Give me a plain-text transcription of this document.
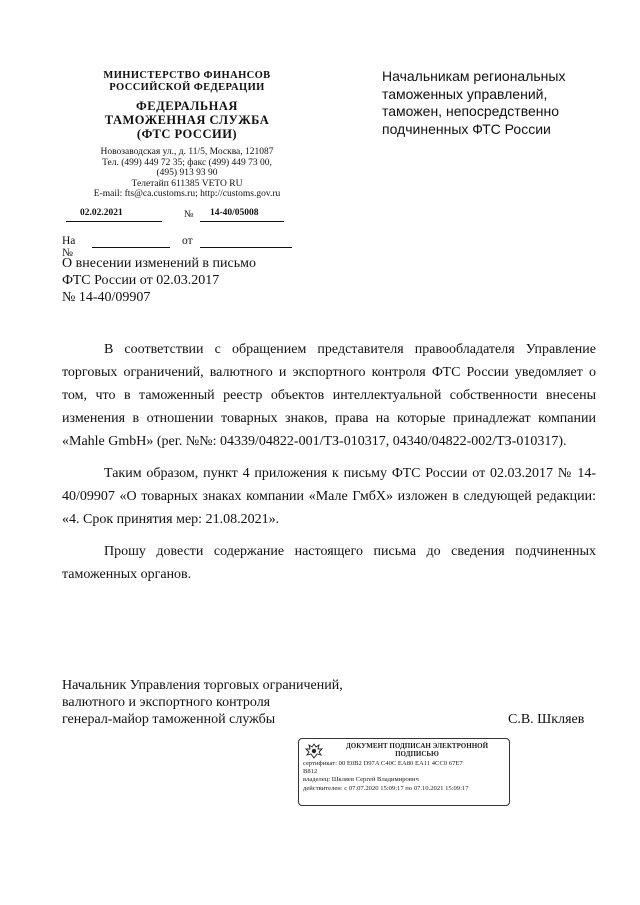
МИНИСТЕРСТВО ФИНАНСОВ
РОССИЙСКОЙ ФЕДЕРАЦИИ
ФЕДЕРАЛЬНАЯ
ТАМОЖЕННАЯ СЛУЖБА
(ФТС РОССИИ)
Новозаводская ул., д. 11/5, Москва, 121087
Тел. (499) 449 72 35; факс (499) 449 73 00,
(495) 913 93 90
Телетайп 611385 VETO RU
E-mail: fts@ca.customs.ru; http://customs.gov.ru
02.02.2021	№	14-40/05008
На №
от
О внесении изменений в письмо
ФТС России от 02.03.2017
№ 14-40/09907
Начальникам региональных
таможенных управлений,
таможен, непосредственно
подчиненных ФТС России

В соответствии с обращением представителя правообладателя Управление торговых ограничений, валютного и экспортного контроля ФТС России уведомляет о том, что в таможенный реестр объектов интеллектуальной собственности внесены изменения в отношении товарных знаков, права на которые принадлежат компании «Mahle GmbH» (рег. №№: 04339/04822-001/ТЗ-010317, 04340/04822-002/ТЗ-010317).

Таким образом, пункт 4 приложения к письму ФТС России от 02.03.2017 № 14-40/09907 «О товарных знаках компании «Мале ГмбХ» изложен в следующей редакции: «4. Срок принятия мер: 21.08.2021».

Прошу довести содержание настоящего письма до сведения подчиненных таможенных органов.

Начальник Управления торговых ограничений,
валютного и экспортного контроля
генерал-майор таможенной службы	С.В. Шкляев
ДОКУМЕНТ ПОДПИСАН ЭЛЕКТРОННОЙ
ПОДПИСЬЮ
сертификат: 00 E0B2 D97A C40C EA80 EA11 4CC0 67E7
B812
владелец: Шкляев Сергей Владимирович
действителен: с 07.07.2020 15:09:17 по 07.10.2021 15:09:17
